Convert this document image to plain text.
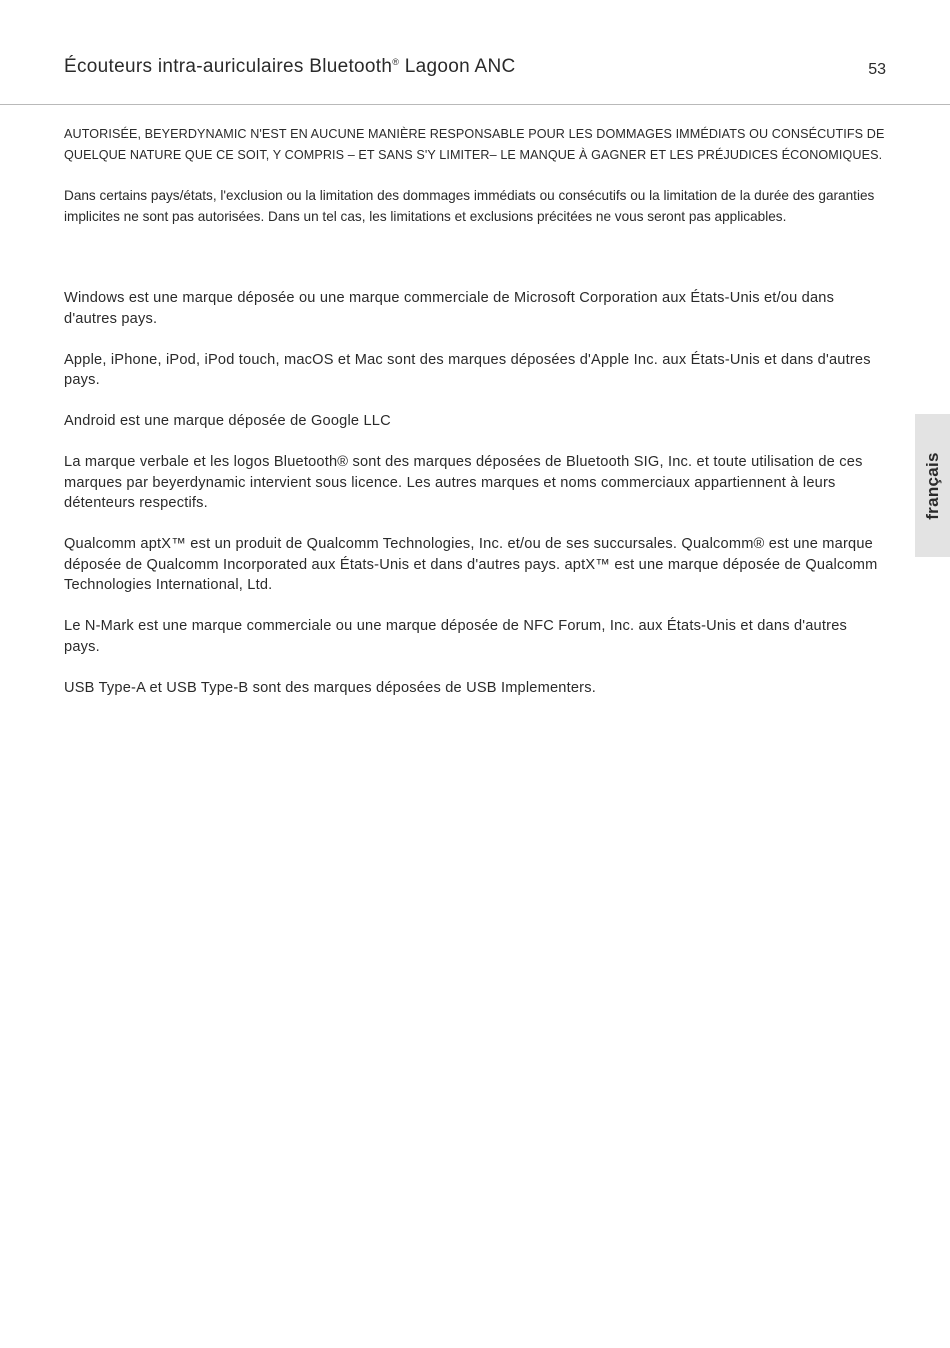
Écouteurs intra-auriculaires Bluetooth® Lagoon ANC	53
français

AUTORISÉE, BEYERDYNAMIC N'EST EN AUCUNE MANIÈRE RESPONSABLE POUR LES DOMMAGES IMMÉDIATS OU CONSÉCUTIFS DE QUELQUE NATURE QUE CE SOIT, Y COMPRIS – ET SANS S'Y LIMITER– LE MANQUE À GAGNER ET LES PRÉJUDICES ÉCONOMIQUES.

Dans certains pays/états, l'exclusion ou la limitation des dommages immédiats ou consécutifs ou la limitation de la durée des garanties implicites ne sont pas autorisées. Dans un tel cas, les limitations et exclusions précitées ne vous seront pas applicables.

Windows est une marque déposée ou une marque commerciale de Microsoft Corporation aux États-Unis et/ou dans d'autres pays.

Apple, iPhone, iPod, iPod touch, macOS et Mac sont des marques déposées d'Apple Inc. aux États-Unis et dans d'autres pays.

Android est une marque déposée de Google LLC

La marque verbale et les logos Bluetooth® sont des marques déposées de Bluetooth SIG, Inc. et toute utilisation de ces marques par beyerdynamic intervient sous licence. Les autres marques et noms commerciaux appartiennent à leurs détenteurs respectifs.

Qualcomm aptX™ est un produit de Qualcomm Technologies, Inc. et/ou de ses succursales. Qualcomm® est une marque déposée de Qualcomm Incorporated aux États-Unis et dans d'autres pays. aptX™ est une marque déposée de Qualcomm Technologies International, Ltd.

Le N-Mark est une marque commerciale ou une marque déposée de NFC Forum, Inc. aux États-Unis et dans d'autres pays.

USB Type-A et USB Type-B sont des marques déposées de USB Implementers.
